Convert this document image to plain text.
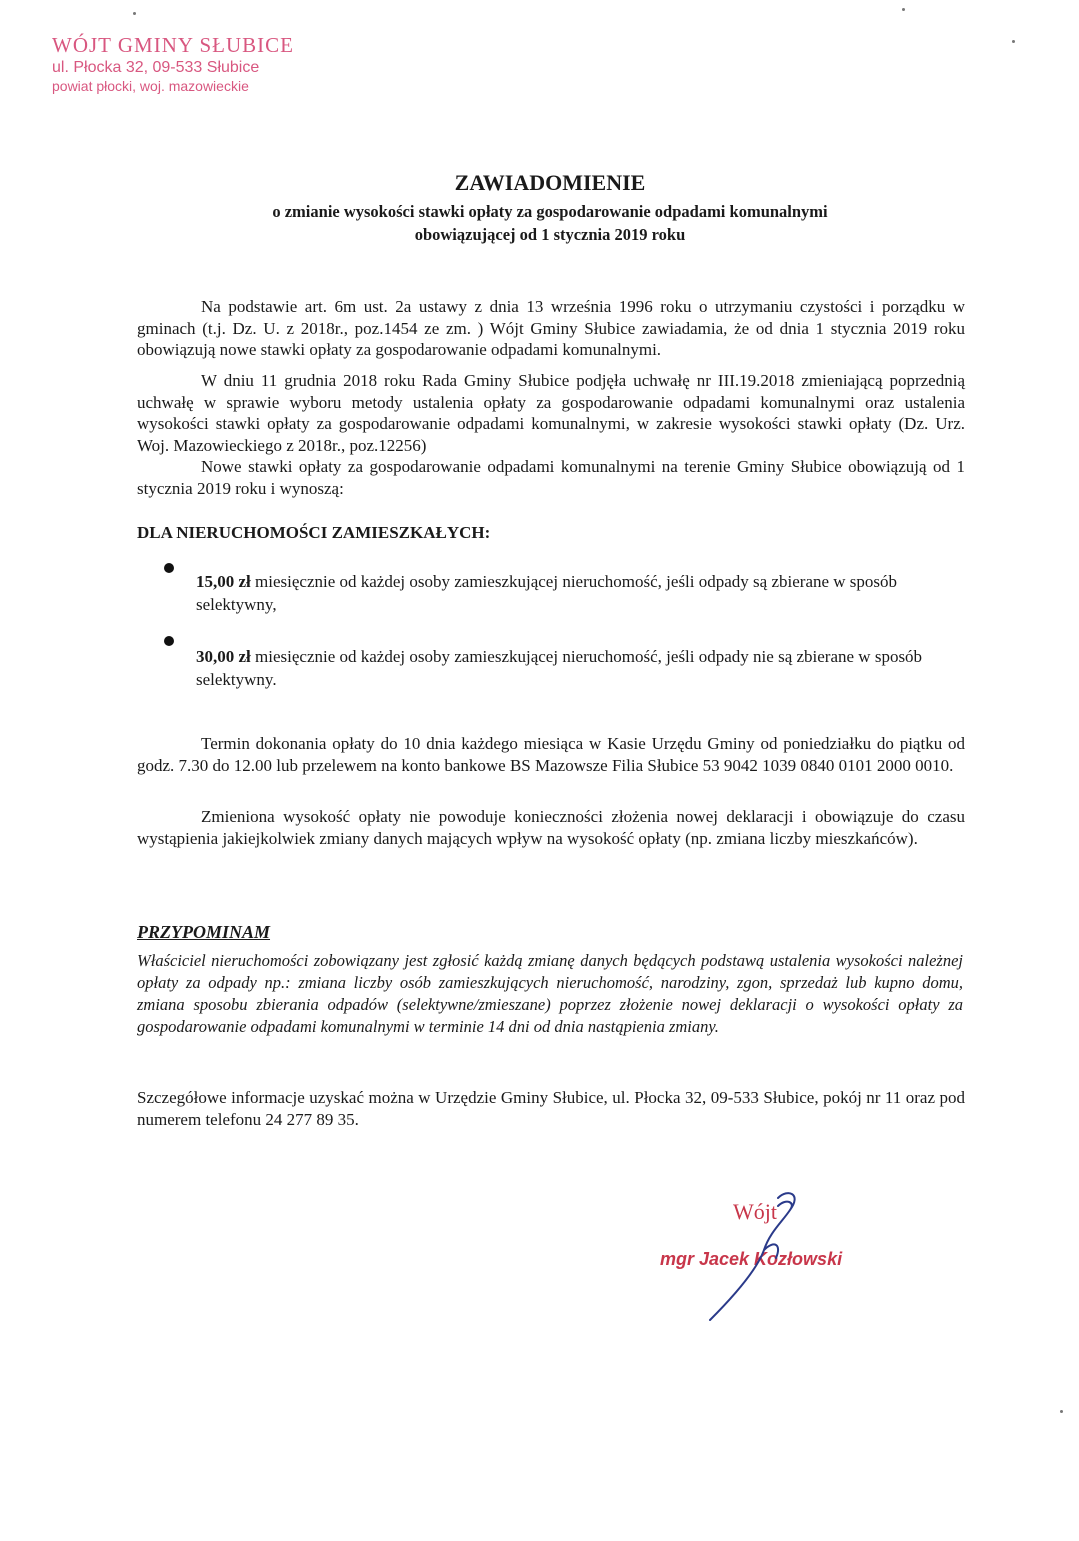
WÓJT GMINY SŁUBICE
ul. Płocka 32, 09-533 Słubice
powiat płocki, woj. mazowieckie
ZAWIADOMIENIE
o zmianie wysokości stawki opłaty za gospodarowanie odpadami komunalnymi
obowiązującej od 1 stycznia 2019 roku

Na podstawie art. 6m ust. 2a ustawy z dnia 13 września 1996 roku o utrzymaniu czystości i porządku w gminach (t.j. Dz. U. z 2018r., poz.1454 ze zm. ) Wójt Gminy Słubice zawiadamia, że od dnia 1 stycznia 2019 roku obowiązują nowe stawki opłaty za gospodarowanie odpadami komunalnymi.

W dniu 11 grudnia 2018 roku Rada Gminy Słubice podjęła uchwałę nr III.19.2018 zmieniającą poprzednią uchwałę w sprawie wyboru metody ustalenia opłaty za gospodarowanie odpadami komunalnymi oraz ustalenia wysokości stawki opłaty za gospodarowanie odpadami komunalnymi, w zakresie wysokości stawki opłaty (Dz. Urz. Woj. Mazowieckiego z 2018r., poz.12256)

Nowe stawki opłaty za gospodarowanie odpadami komunalnymi na terenie Gminy Słubice obowiązują od 1 stycznia 2019 roku i wynoszą:

DLA NIERUCHOMOŚCI ZAMIESZKAŁYCH:
15,00 zł miesięcznie od każdej osoby zamieszkującej nieruchomość, jeśli odpady są zbierane w sposób selektywny,
30,00 zł miesięcznie od każdej osoby zamieszkującej nieruchomość, jeśli odpady nie są zbierane w sposób selektywny.

Termin dokonania opłaty do 10 dnia każdego miesiąca w Kasie Urzędu Gminy od poniedziałku do piątku od godz. 7.30 do 12.00 lub przelewem na konto bankowe BS Mazowsze Filia Słubice 53 9042 1039 0840 0101 2000 0010.

Zmieniona wysokość opłaty nie powoduje konieczności złożenia nowej deklaracji i obowiązuje do czasu wystąpienia jakiejkolwiek zmiany danych mających wpływ na wysokość opłaty (np. zmiana liczby mieszkańców).

PRZYPOMINAM
Właściciel nieruchomości zobowiązany jest zgłosić każdą zmianę danych będących podstawą ustalenia wysokości należnej opłaty za odpady np.: zmiana liczby osób zamieszkujących nieruchomość, narodziny, zgon, sprzedaż lub kupno domu, zmiana sposobu zbierania odpadów (selektywne/zmieszane) poprzez złożenie nowej deklaracji o wysokości opłaty za gospodarowanie odpadami komunalnymi w terminie 14 dni od dnia nastąpienia zmiany.

Szczegółowe informacje uzyskać można w Urzędzie Gminy Słubice, ul. Płocka 32, 09-533 Słubice, pokój nr 11 oraz pod numerem telefonu 24 277 89 35.

Wójt
mgr Jacek Kozłowski
